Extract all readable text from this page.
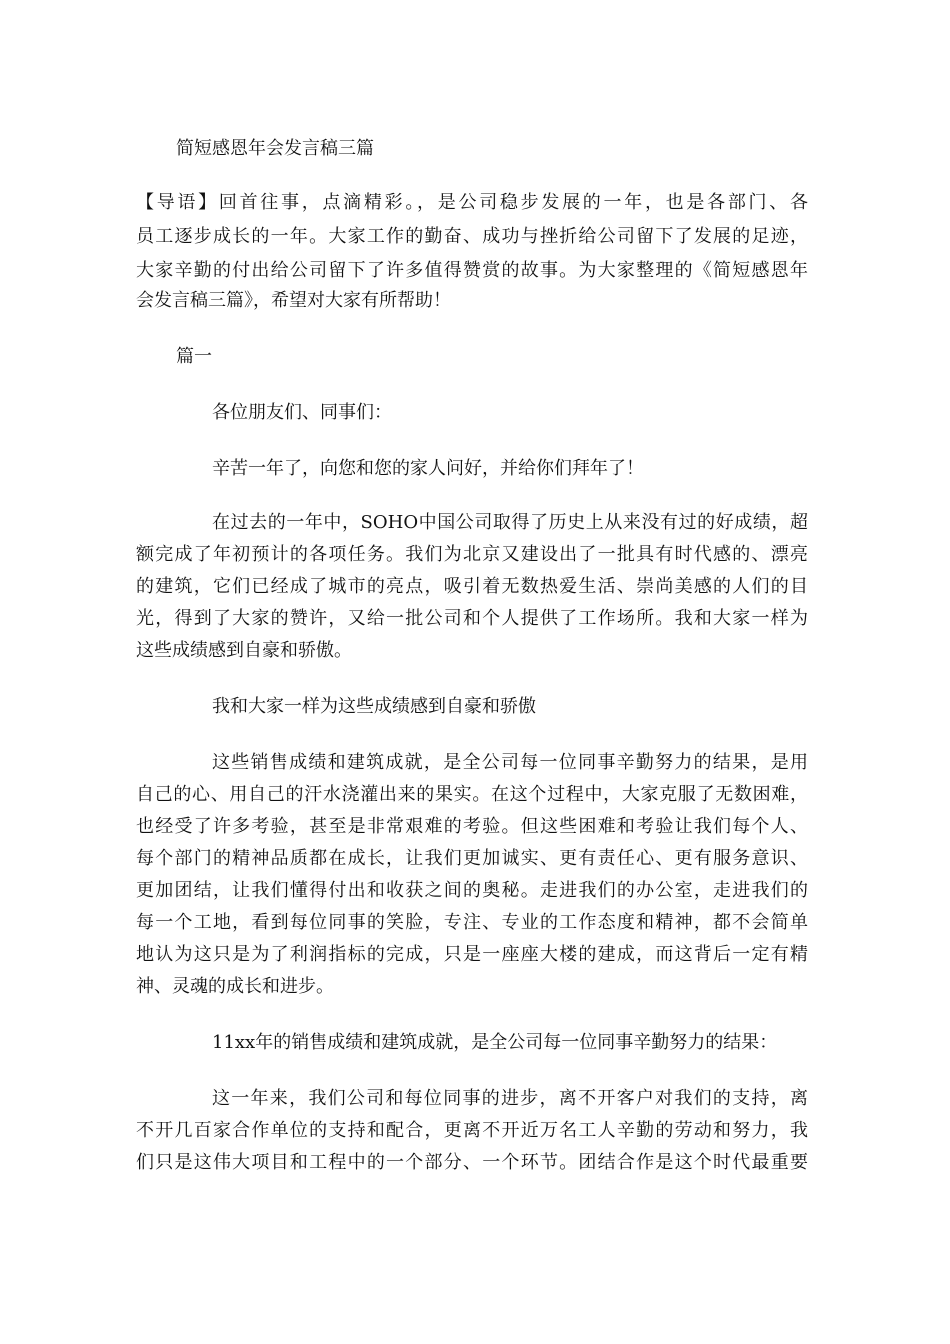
简短感恩年会发言稿三篇

【导语】回首往事，点滴精彩。，是公司稳步发展的一年，也是各部门、各

员工逐步成长的一年。大家工作的勤奋、成功与挫折给公司留下了发展的足迹，

大家辛勤的付出给公司留下了许多值得赞赏的故事。为大家整理的《简短感恩年

会发言稿三篇》，希望对大家有所帮助！

篇一

各位朋友们、同事们：

辛苦一年了，向您和您的家人问好，并给你们拜年了！

在过去的一年中，SOHO中国公司取得了历史上从来没有过的好成绩，超

额完成了年初预计的各项任务。我们为北京又建设出了一批具有时代感的、漂亮

的建筑，它们已经成了城市的亮点，吸引着无数热爱生活、崇尚美感的人们的目

光，得到了大家的赞许，又给一批公司和个人提供了工作场所。我和大家一样为

这些成绩感到自豪和骄傲。

我和大家一样为这些成绩感到自豪和骄傲

这些销售成绩和建筑成就，是全公司每一位同事辛勤努力的结果，是用

自己的心、用自己的汗水浇灌出来的果实。在这个过程中，大家克服了无数困难，

也经受了许多考验，甚至是非常艰难的考验。但这些困难和考验让我们每个人、

每个部门的精神品质都在成长，让我们更加诚实、更有责任心、更有服务意识、

更加团结，让我们懂得付出和收获之间的奥秘。走进我们的办公室，走进我们的

每一个工地，看到每位同事的笑脸，专注、专业的工作态度和精神，都不会简单

地认为这只是为了利润指标的完成，只是一座座大楼的建成，而这背后一定有精

神、灵魂的成长和进步。

11xx年的销售成绩和建筑成就，是全公司每一位同事辛勤努力的结果：

这一年来，我们公司和每位同事的进步，离不开客户对我们的支持，离

不开几百家合作单位的支持和配合，更离不开近万名工人辛勤的劳动和努力，我

们只是这伟大项目和工程中的一个部分、一个环节。团结合作是这个时代最重要
